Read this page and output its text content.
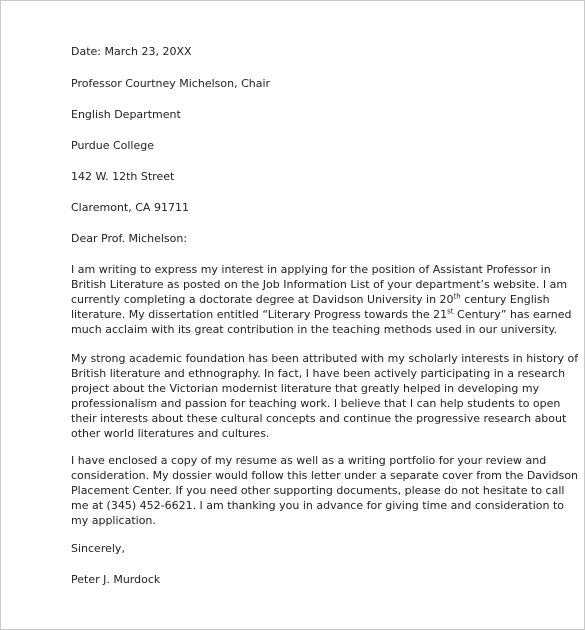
Date: March 23, 20XX
Professor Courtney Michelson, Chair
English Department
Purdue College
142 W. 12th Street
Claremont, CA 91711
Dear Prof. Michelson:
I am writing to express my interest in applying for the position of Assistant Professor in
British Literature as posted on the Job Information List of your department’s website. I am
currently completing a doctorate degree at Davidson University in 20th century English
literature. My dissertation entitled “Literary Progress towards the 21st Century” has earned
much acclaim with its great contribution in the teaching methods used in our university.
My strong academic foundation has been attributed with my scholarly interests in history of
British literature and ethnography. In fact, I have been actively participating in a research
project about the Victorian modernist literature that greatly helped in developing my
professionalism and passion for teaching work. I believe that I can help students to open
their interests about these cultural concepts and continue the progressive research about
other world literatures and cultures.
I have enclosed a copy of my resume as well as a writing portfolio for your review and
consideration. My dossier would follow this letter under a separate cover from the Davidson
Placement Center. If you need other supporting documents, please do not hesitate to call
me at (345) 452-6621. I am thanking you in advance for giving time and consideration to
my application.
Sincerely,
Peter J. Murdock
